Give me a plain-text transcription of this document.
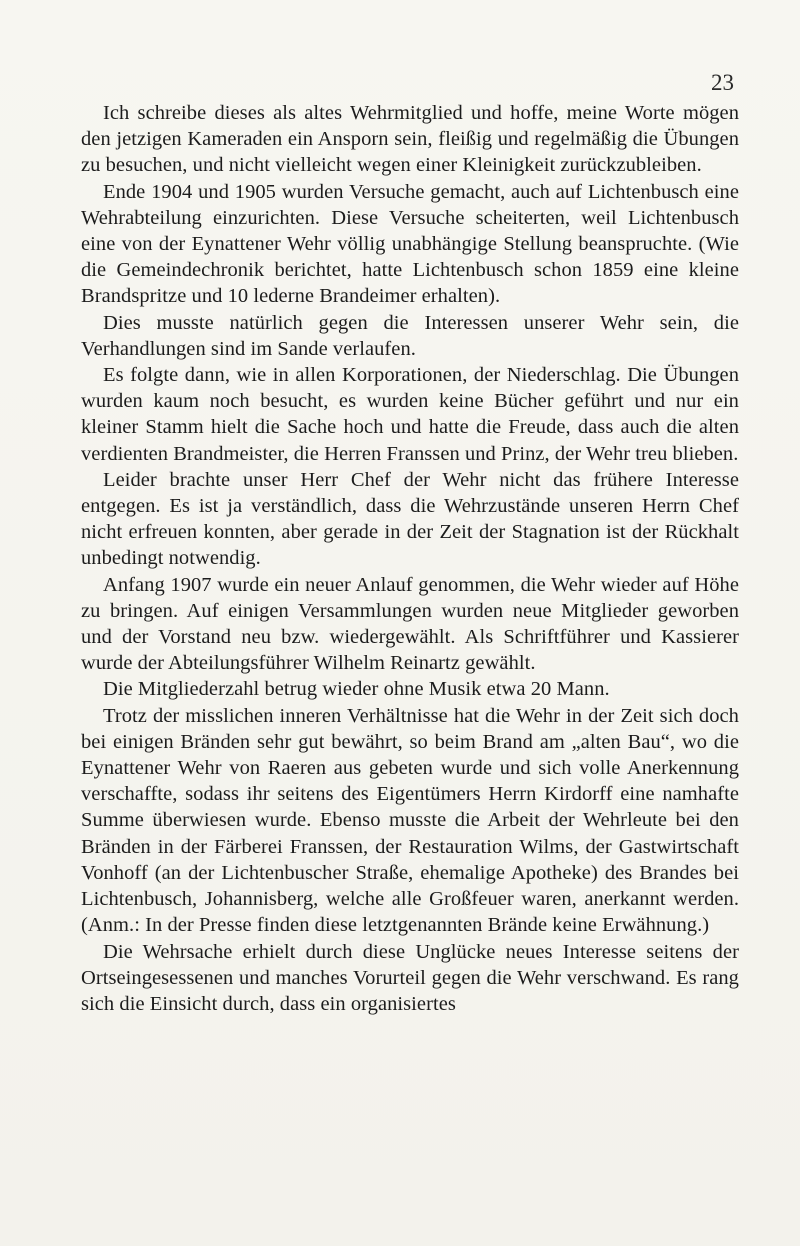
23

Ich schreibe dieses als altes Wehrmitglied und hoffe, meine Worte mögen den jetzigen Kameraden ein Ansporn sein, fleißig und regelmäßig die Übungen zu besuchen, und nicht vielleicht wegen einer Kleinigkeit zurückzubleiben.

Ende 1904 und 1905 wurden Versuche gemacht, auch auf Lichtenbusch eine Wehrabteilung einzurichten. Diese Versuche scheiterten, weil Lichtenbusch eine von der Eynattener Wehr völlig unabhängige Stellung beanspruchte. (Wie die Gemeindechronik berichtet, hatte Lichtenbusch schon 1859 eine kleine Brandspritze und 10 lederne Brandeimer erhalten).

Dies musste natürlich gegen die Interessen unserer Wehr sein, die Verhandlungen sind im Sande verlaufen.

Es folgte dann, wie in allen Korporationen, der Niederschlag. Die Übungen wurden kaum noch besucht, es wurden keine Bücher geführt und nur ein kleiner Stamm hielt die Sache hoch und hatte die Freude, dass auch die alten verdienten Brandmeister, die Herren Franssen und Prinz, der Wehr treu blieben.

Leider brachte unser Herr Chef der Wehr nicht das frühere Interesse entgegen. Es ist ja verständlich, dass die Wehrzustände unseren Herrn Chef nicht erfreuen konnten, aber gerade in der Zeit der Stagnation ist der Rückhalt unbedingt notwendig.

Anfang 1907 wurde ein neuer Anlauf genommen, die Wehr wieder auf Höhe zu bringen. Auf einigen Versammlungen wurden neue Mitglieder geworben und der Vorstand neu bzw. wiedergewählt. Als Schriftführer und Kassierer wurde der Abteilungsführer Wilhelm Reinartz gewählt.

Die Mitgliederzahl betrug wieder ohne Musik etwa 20 Mann.

Trotz der misslichen inneren Verhältnisse hat die Wehr in der Zeit sich doch bei einigen Bränden sehr gut bewährt, so beim Brand am „alten Bau“, wo die Eynattener Wehr von Raeren aus gebeten wurde und sich volle Anerkennung verschaffte, sodass ihr seitens des Eigentümers Herrn Kirdorff eine namhafte Summe überwiesen wurde. Ebenso musste die Arbeit der Wehrleute bei den Bränden in der Färberei Franssen, der Restauration Wilms, der Gastwirtschaft Vonhoff (an der Lichtenbuscher Straße, ehemalige Apotheke) des Brandes bei Lichtenbusch, Johannisberg, welche alle Großfeuer waren, anerkannt werden. (Anm.: In der Presse finden diese letztgenannten Brände keine Erwähnung.)

Die Wehrsache erhielt durch diese Unglücke neues Interesse seitens der Ortseingesessenen und manches Vorurteil gegen die Wehr verschwand. Es rang sich die Einsicht durch, dass ein organisiertes
